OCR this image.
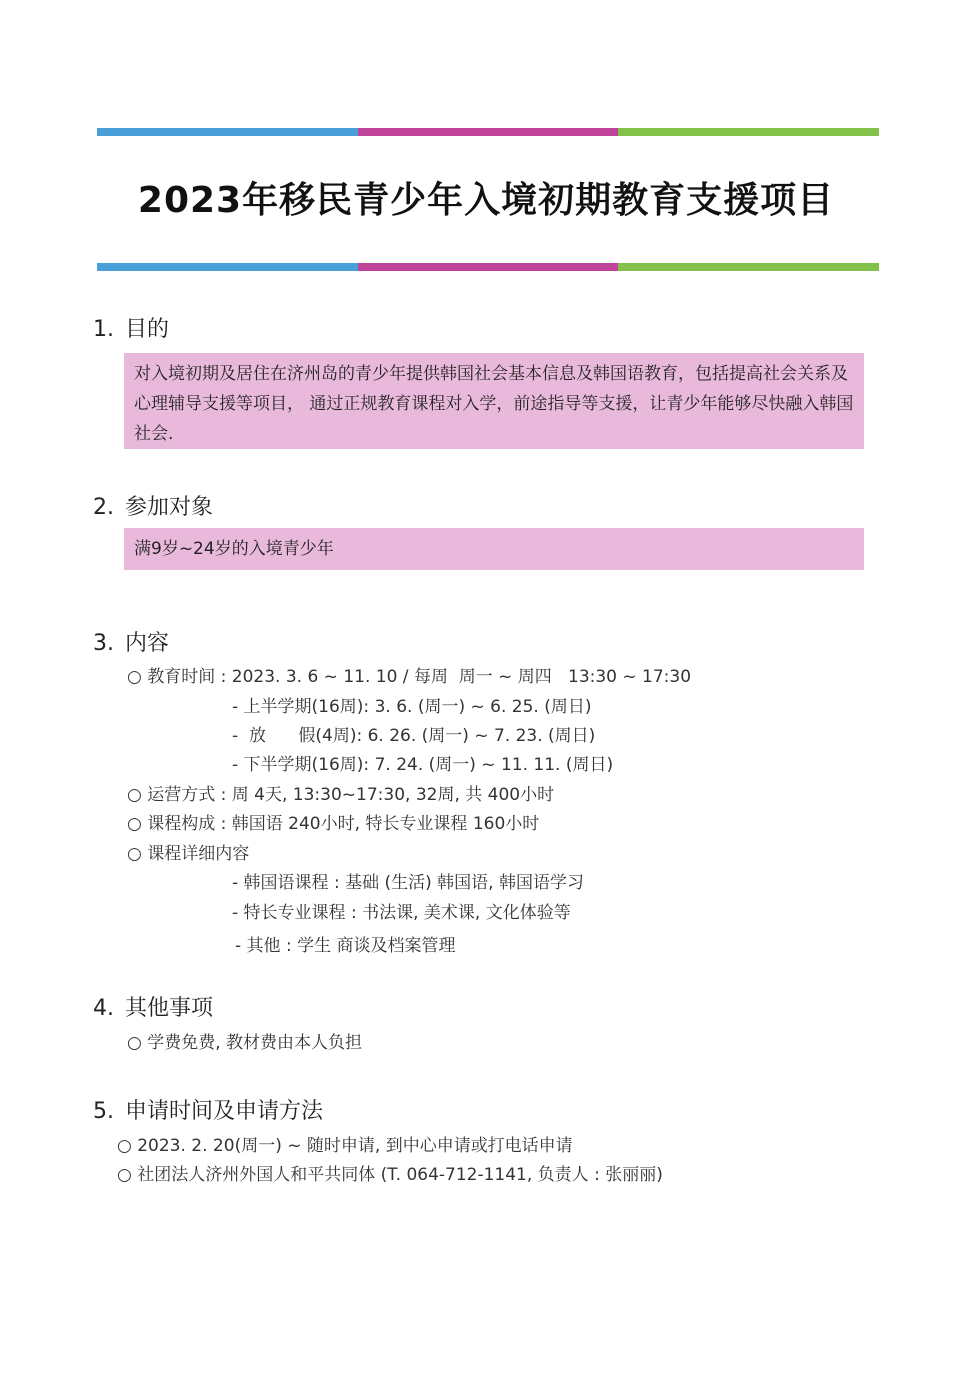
2023年移民青少年入境初期教育支援项目
1. 目的
对入境初期及居住在济州岛的青少年提供韩国社会基本信息及韩国语教育，包括提高社会关系及心理辅导支援等项目， 通过正规教育课程对入学，前途指导等支援，让青少年能够尽快融入韩国社会.
2. 参加对象
满9岁~24岁的入境青少年
3. 内容
○ 教育时间 : 2023. 3. 6 ~ 11. 10 / 每周  周一 ~ 周四   13:30 ~ 17:30
- 上半学期(16周): 3. 6. (周一) ~ 6. 25. (周日)
-  放      假(4周): 6. 26. (周一) ~ 7. 23. (周日)
- 下半学期(16周): 7. 24. (周一) ~ 11. 11. (周日)
○ 运营方式 : 周 4天, 13:30~17:30, 32周, 共 400小时
○ 课程构成 : 韩国语 240小时, 特长专业课程 160小时
○ 课程详细内容
- 韩国语课程 : 基础 (生活) 韩国语, 韩国语学习
- 特长专业课程 : 书法课, 美术课, 文化体验等
- 其他 : 学生 商谈及档案管理
4. 其他事项
○ 学费免费, 教材费由本人负担
5. 申请时间及申请方法
○ 2023. 2. 20(周一) ~ 随时申请, 到中心申请或打电话申请
○ 社团法人济州外国人和平共同体 (T. 064-712-1141, 负责人 : 张丽丽)
